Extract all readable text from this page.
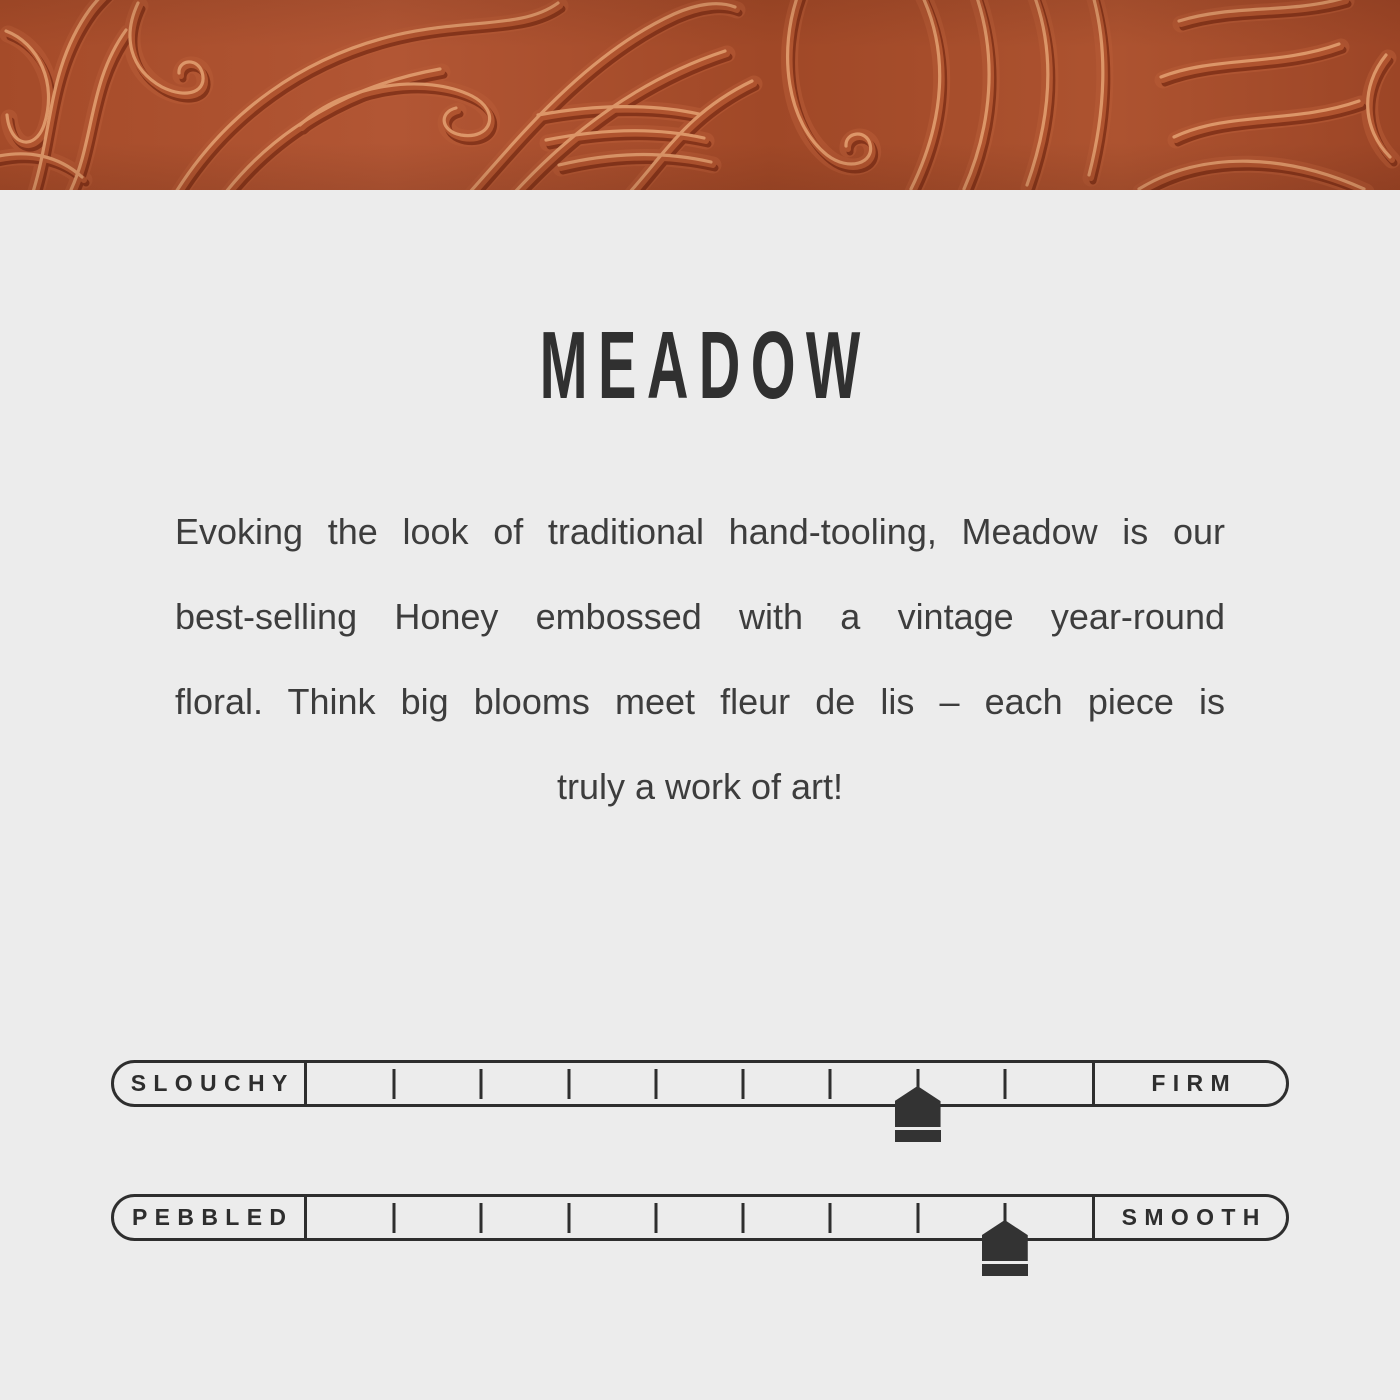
MEADOW

Evoking the look of traditional hand-tooling, Meadow is our

best-selling Honey embossed with a vintage year-round

floral. Think big blooms meet fleur de lis – each piece is

truly a work of art!

SLOUCHY	FIRM
PEBBLED	SMOOTH
